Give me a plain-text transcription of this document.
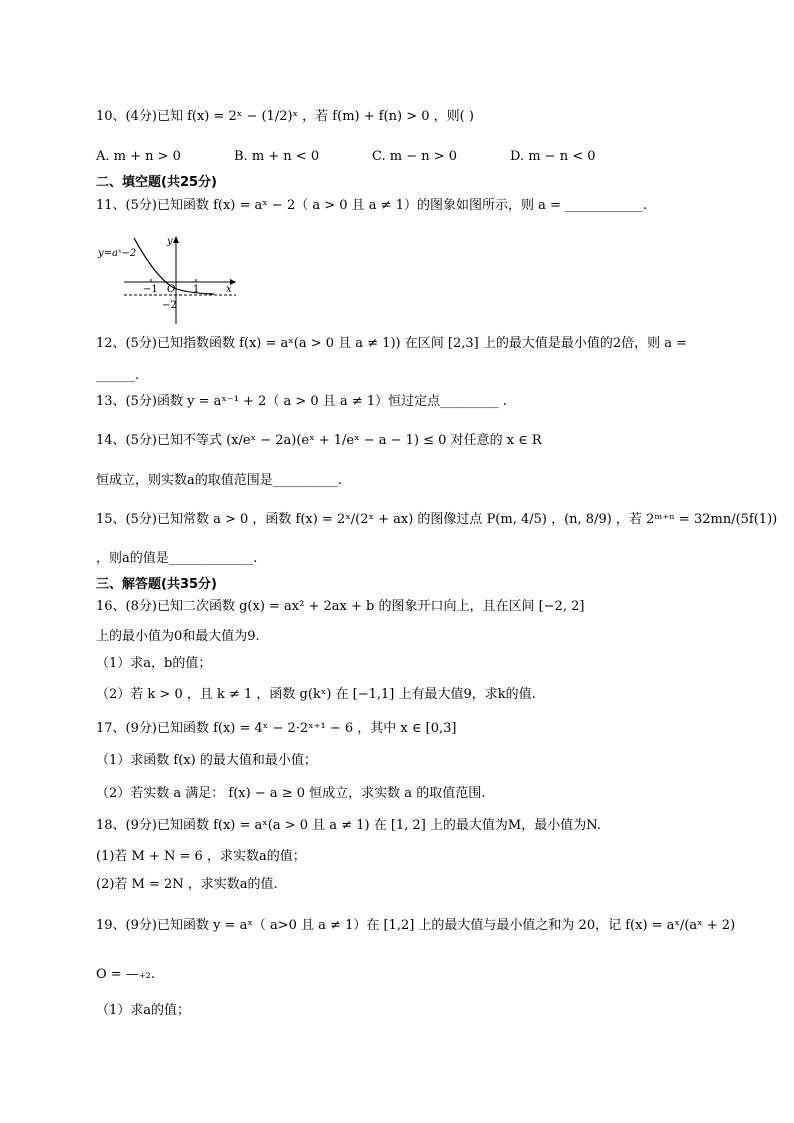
10、(4分)已知 f(x) = 2ˣ − (1/2)ˣ ，若 f(m) + f(n) > 0 ，则( )
A. m + n > 0	B. m + n < 0	C. m − n > 0	D. m − n < 0
二、填空题(共25分)
11、(5分)已知函数 f(x) = aˣ − 2（ a > 0 且 a ≠ 1）的图象如图所示，则 a = ____________.
y=aˣ−2
y
x
−1 O 1
−2
12、(5分)已知指数函数 f(x) = aˣ(a > 0 且 a ≠ 1)) 在区间 [2,3] 上的最大值是最小值的2倍，则 a =
______.
13、(5分)函数 y = aˣ⁻¹ + 2（ a > 0 且 a ≠ 1）恒过定点_________ .
14、(5分)已知不等式 (x/eˣ − 2a)(eˣ + 1/eˣ − a − 1) ≤ 0 对任意的 x ∈ R
恒成立，则实数a的取值范围是__________.
15、(5分)已知常数 a > 0 ，函数 f(x) = 2ˣ/(2ˣ + ax) 的图像过点 P(m, 4/5) ，(n, 8/9) ，若 2ᵐ⁺ⁿ = 32mn/(5f(1))
，则a的值是_____________.
三、解答题(共35分)
16、(8分)已知二次函数 g(x) = ax² + 2ax + b 的图象开口向上，且在区间 [−2, 2]
上的最小值为0和最大值为9.
（1）求a，b的值；
（2）若 k > 0 ，且 k ≠ 1 ，函数 g(kˣ) 在 [−1,1] 上有最大值9，求k的值.
17、(9分)已知函数 f(x) = 4ˣ − 2·2ˣ⁺¹ − 6 ，其中 x ∈ [0,3]
（1）求函数 f(x) 的最大值和最小值；
（2）若实数 a 满足： f(x) − a ≥ 0 恒成立，求实数 a 的取值范围.
18、(9分)已知函数 f(x) = aˣ(a > 0 且 a ≠ 1) 在 [1, 2] 上的最大值为M，最小值为N.
(1)若 M + N = 6 ，求实数a的值；
(2)若 M = 2N ，求实数a的值.
19、(9分)已知函数 y = aˣ（ a>0 且 a ≠ 1）在 [1,2] 上的最大值与最小值之和为 20，记 f(x) = aˣ/(aˣ + 2)
O = —₊₂.
（1）求a的值；
